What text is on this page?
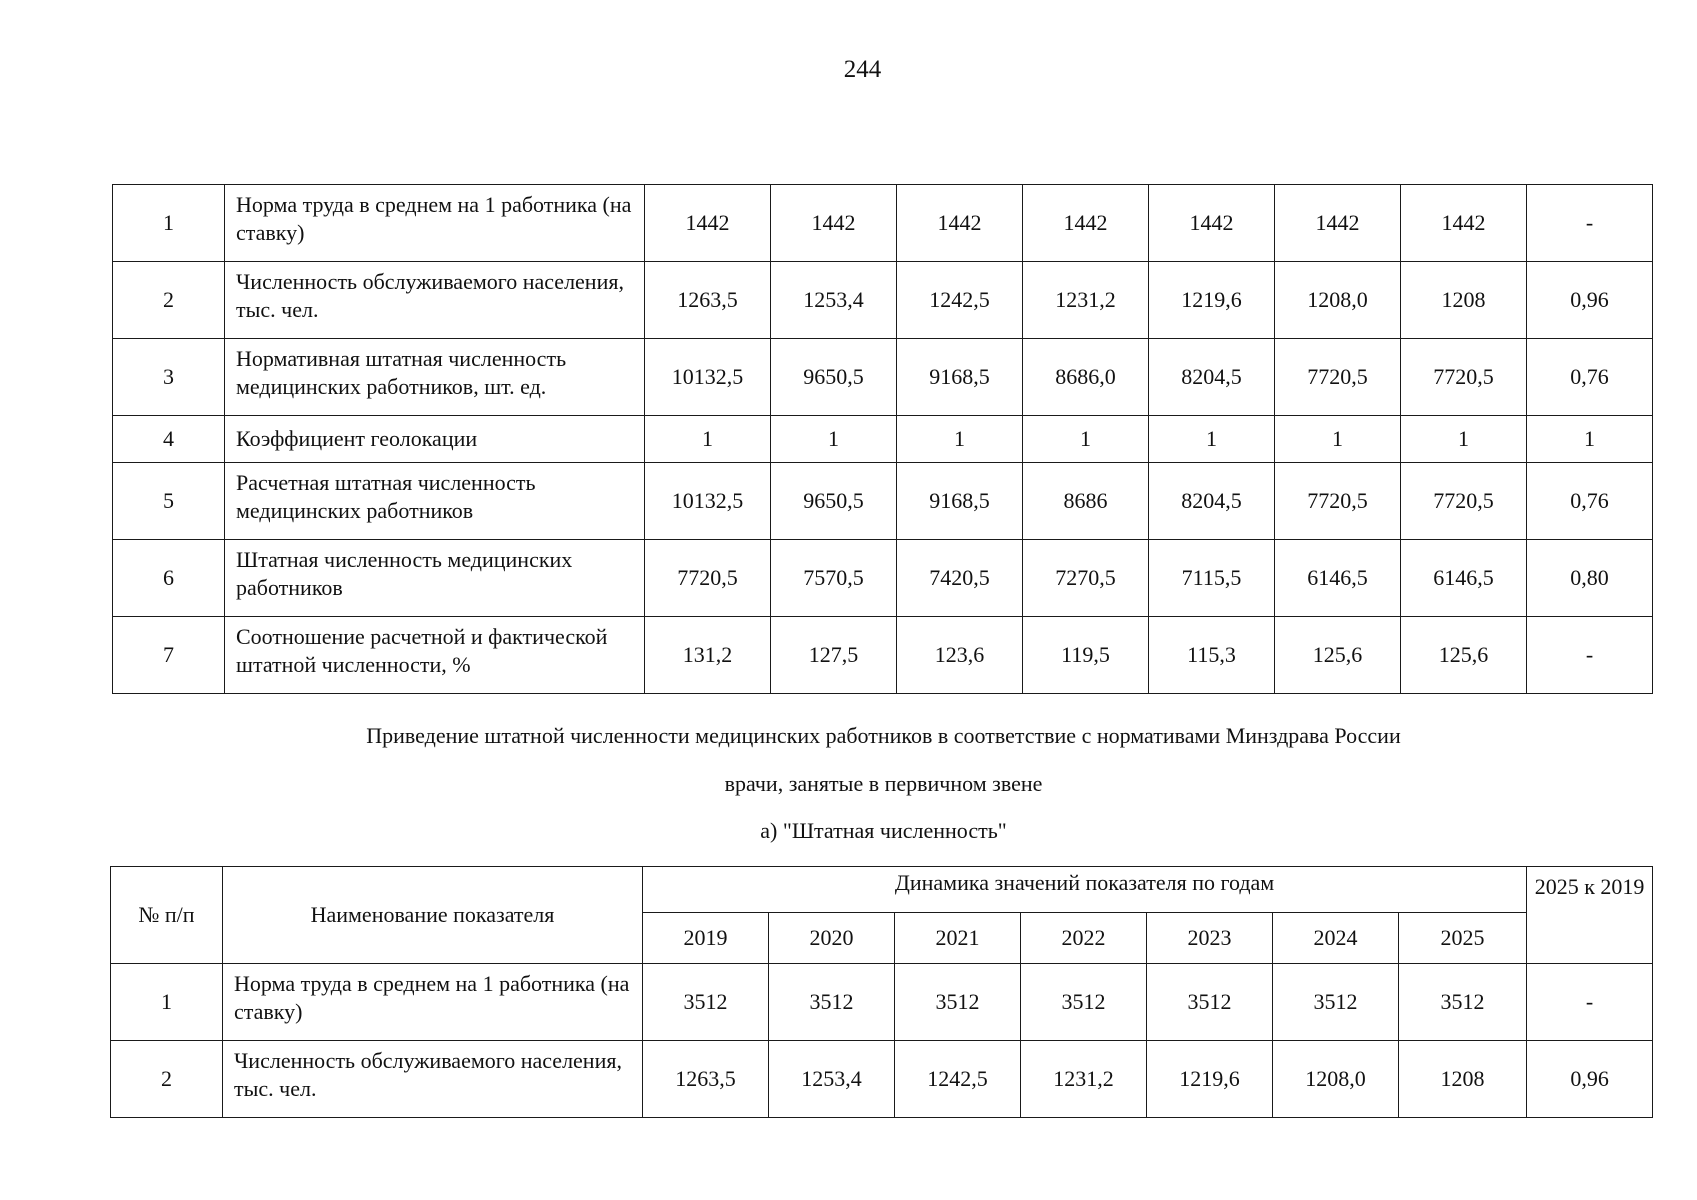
244
1	Норма труда в среднем на 1 работника (на ставку)	1442	1442	1442	1442	1442	1442	1442	-
2	Численность обслуживаемого населения, тыс. чел.	1263,5	1253,4	1242,5	1231,2	1219,6	1208,0	1208	0,96
3	Нормативная штатная численность медицинских работников, шт. ед.	10132,5	9650,5	9168,5	8686,0	8204,5	7720,5	7720,5	0,76
4	Коэффициент геолокации	1	1	1	1	1	1	1	1
5	Расчетная штатная численность медицинских работников	10132,5	9650,5	9168,5	8686	8204,5	7720,5	7720,5	0,76
6	Штатная численность медицинских работников	7720,5	7570,5	7420,5	7270,5	7115,5	6146,5	6146,5	0,80
7	Соотношение расчетной и фактической штатной численности, %	131,2	127,5	123,6	119,5	115,3	125,6	125,6	-
Приведение штатной численности медицинских работников в соответствие с нормативами Минздрава России
врачи, занятые в первичном звене
а) "Штатная численность"
№ п/п	Наименование показателя	Динамика значений показателя по годам							2025 к 2019
		2019	2020	2021	2022	2023	2024	2025	
1	Норма труда в среднем на 1 работника (на ставку)	3512	3512	3512	3512	3512	3512	3512	-
2	Численность обслуживаемого населения, тыс. чел.	1263,5	1253,4	1242,5	1231,2	1219,6	1208,0	1208	0,96
